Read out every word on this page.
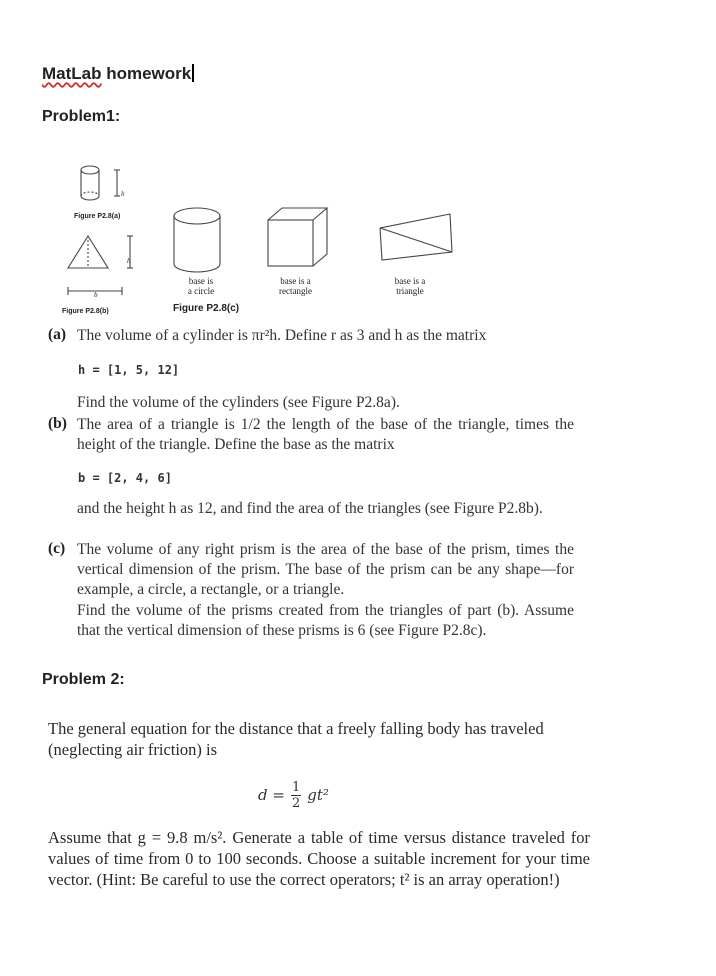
MatLab homework
Problem1:
Figure P2.8(a)
h
h
b
Figure P2.8(b)
base is
a circle
base is a
rectangle
base is a
triangle
Figure P2.8(c)
(a) The volume of a cylinder is πr²h. Define r as 3 and h as the matrix
h = [1, 5, 12]
Find the volume of the cylinders (see Figure P2.8a).
(b) The area of a triangle is 1/2 the length of the base of the triangle, times the height of the triangle. Define the base as the matrix
b = [2, 4, 6]
and the height h as 12, and find the area of the triangles (see Figure P2.8b).
(c) The volume of any right prism is the area of the base of the prism, times the vertical dimension of the prism. The base of the prism can be any shape—for example, a circle, a rectangle, or a triangle.
Find the volume of the prisms created from the triangles of part (b). Assume that the vertical dimension of these prisms is 6 (see Figure P2.8c).
Problem 2:
The general equation for the distance that a freely falling body has traveled (neglecting air friction) is
$d = \frac{1}{2} gt^2$
Assume that g = 9.8 m/s². Generate a table of time versus distance traveled for values of time from 0 to 100 seconds. Choose a suitable increment for your time vector. (Hint: Be careful to use the correct operators; t² is an array operation!)
